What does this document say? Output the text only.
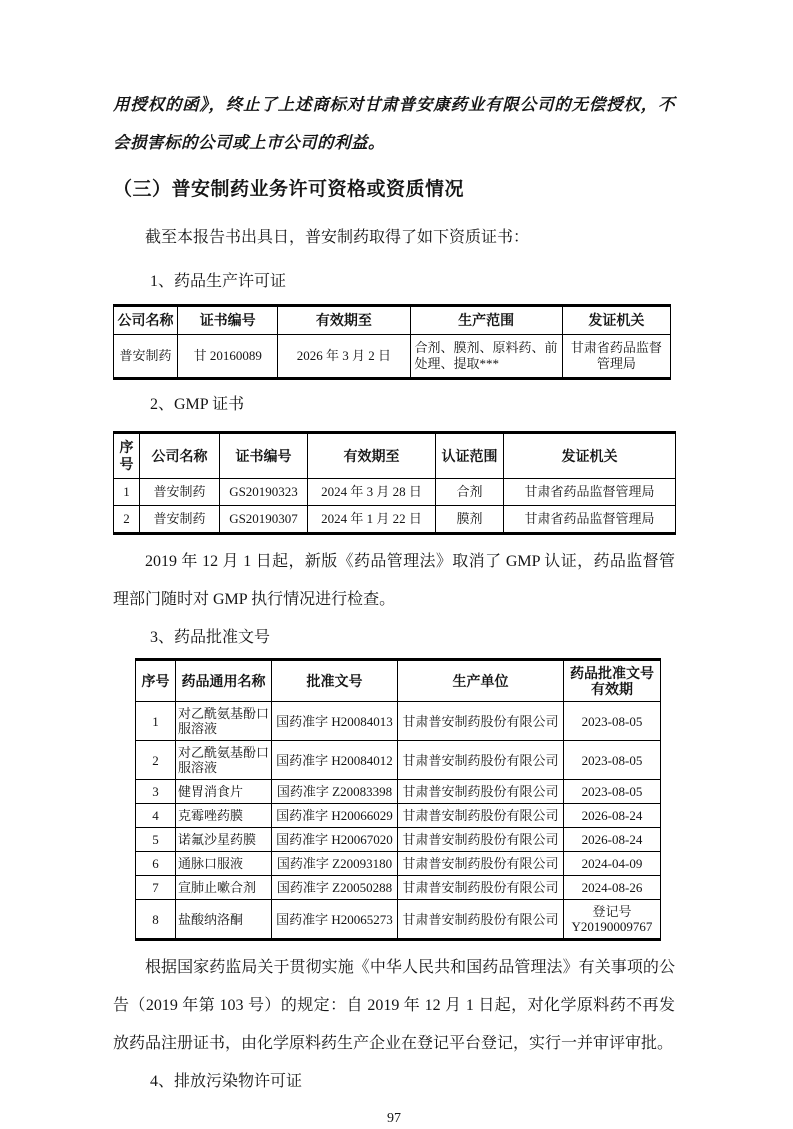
用授权的函》，终止了上述商标对甘肃普安康药业有限公司的无偿授权，不会损害标的公司或上市公司的利益。

（三）普安制药业务许可资格或资质情况

截至本报告书出具日，普安制药取得了如下资质证书：

1、药品生产许可证

公司名称	证书编号	有效期至	生产范围	发证机关
普安制药	甘 20160089	2026 年 3 月 2 日	合剂、膜剂、原料药、前处理、提取***	甘肃省药品监督管理局

2、GMP 证书

序号	公司名称	证书编号	有效期至	认证范围	发证机关
1	普安制药	GS20190323	2024 年 3 月 28 日	合剂	甘肃省药品监督管理局
2	普安制药	GS20190307	2024 年 1 月 22 日	膜剂	甘肃省药品监督管理局

2019 年 12 月 1 日起，新版《药品管理法》取消了 GMP 认证，药品监督管理部门随时对 GMP 执行情况进行检查。

3、药品批准文号

序号	药品通用名称	批准文号	生产单位	药品批准文号有效期
1	对乙酰氨基酚口服溶液	国药准字 H20084013	甘肃普安制药股份有限公司	2023-08-05
2	对乙酰氨基酚口服溶液	国药准字 H20084012	甘肃普安制药股份有限公司	2023-08-05
3	健胃消食片	国药准字 Z20083398	甘肃普安制药股份有限公司	2023-08-05
4	克霉唑药膜	国药准字 H20066029	甘肃普安制药股份有限公司	2026-08-24
5	诺氟沙星药膜	国药准字 H20067020	甘肃普安制药股份有限公司	2026-08-24
6	通脉口服液	国药准字 Z20093180	甘肃普安制药股份有限公司	2024-04-09
7	宣肺止嗽合剂	国药准字 Z20050288	甘肃普安制药股份有限公司	2024-08-26
8	盐酸纳洛酮	国药准字 H20065273	甘肃普安制药股份有限公司	登记号 Y20190009767

根据国家药监局关于贯彻实施《中华人民共和国药品管理法》有关事项的公告（2019 年第 103 号）的规定：自 2019 年 12 月 1 日起，对化学原料药不再发放药品注册证书，由化学原料药生产企业在登记平台登记，实行一并审评审批。

4、排放污染物许可证

97
